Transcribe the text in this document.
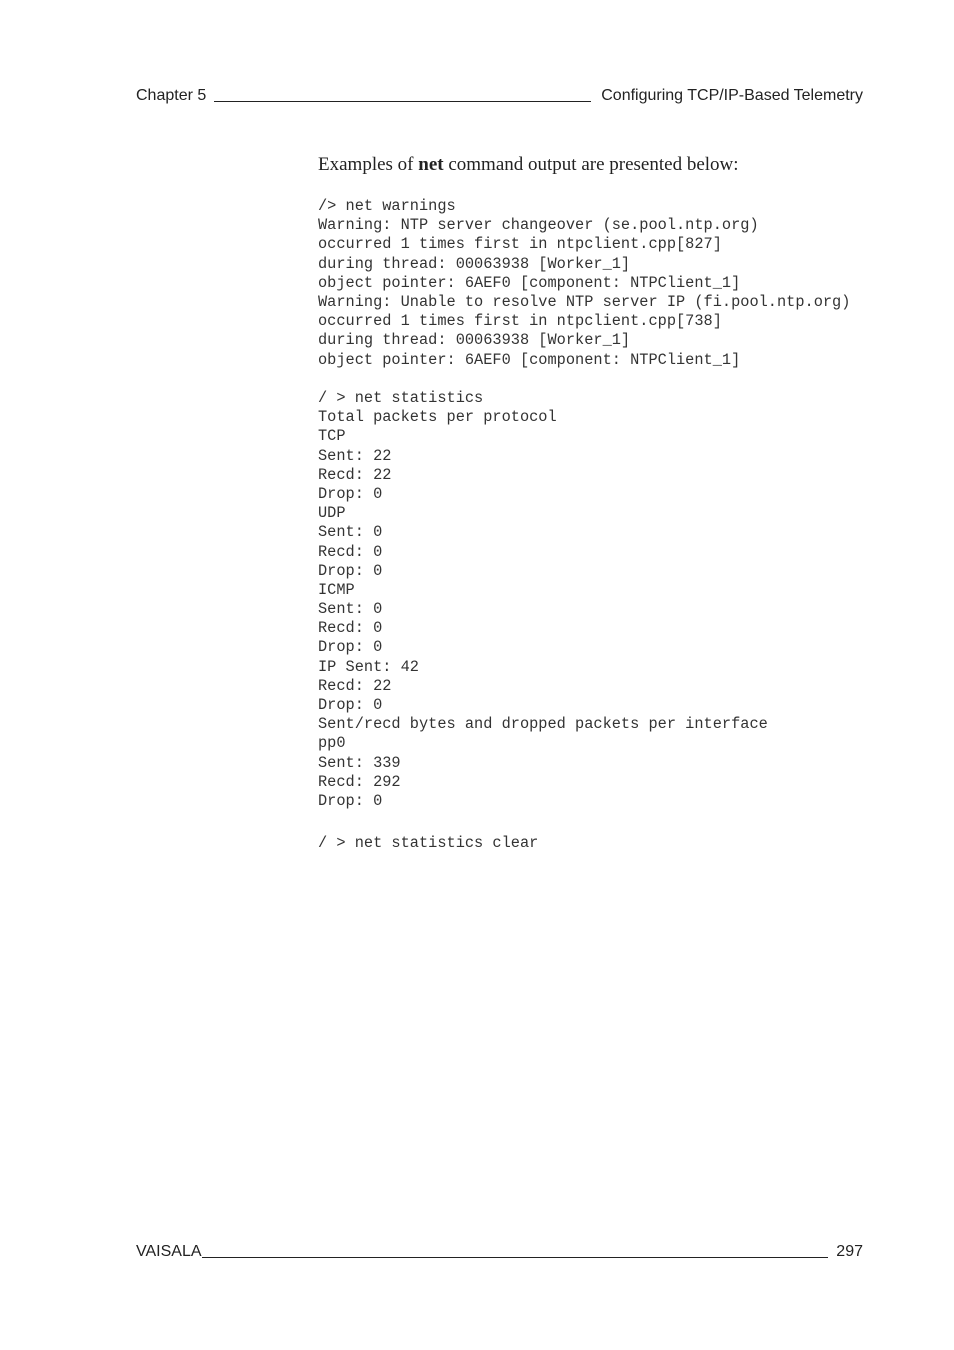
Chapter 5	Configuring TCP/IP-Based Telemetry
Examples of net command output are presented below:
/> net warnings
Warning: NTP server changeover (se.pool.ntp.org)
occurred 1 times first in ntpclient.cpp[827]
during thread: 00063938 [Worker_1]
object pointer: 6AEF0 [component: NTPClient_1]
Warning: Unable to resolve NTP server IP (fi.pool.ntp.org)
occurred 1 times first in ntpclient.cpp[738]
during thread: 00063938 [Worker_1]
object pointer: 6AEF0 [component: NTPClient_1]
/ > net statistics
Total packets per protocol
TCP
Sent: 22
Recd: 22
Drop: 0
UDP
Sent: 0
Recd: 0
Drop: 0
ICMP
Sent: 0
Recd: 0
Drop: 0
IP Sent: 42
Recd: 22
Drop: 0
Sent/recd bytes and dropped packets per interface
pp0
Sent: 339
Recd: 292
Drop: 0
/ > net statistics clear
VAISALA	297
